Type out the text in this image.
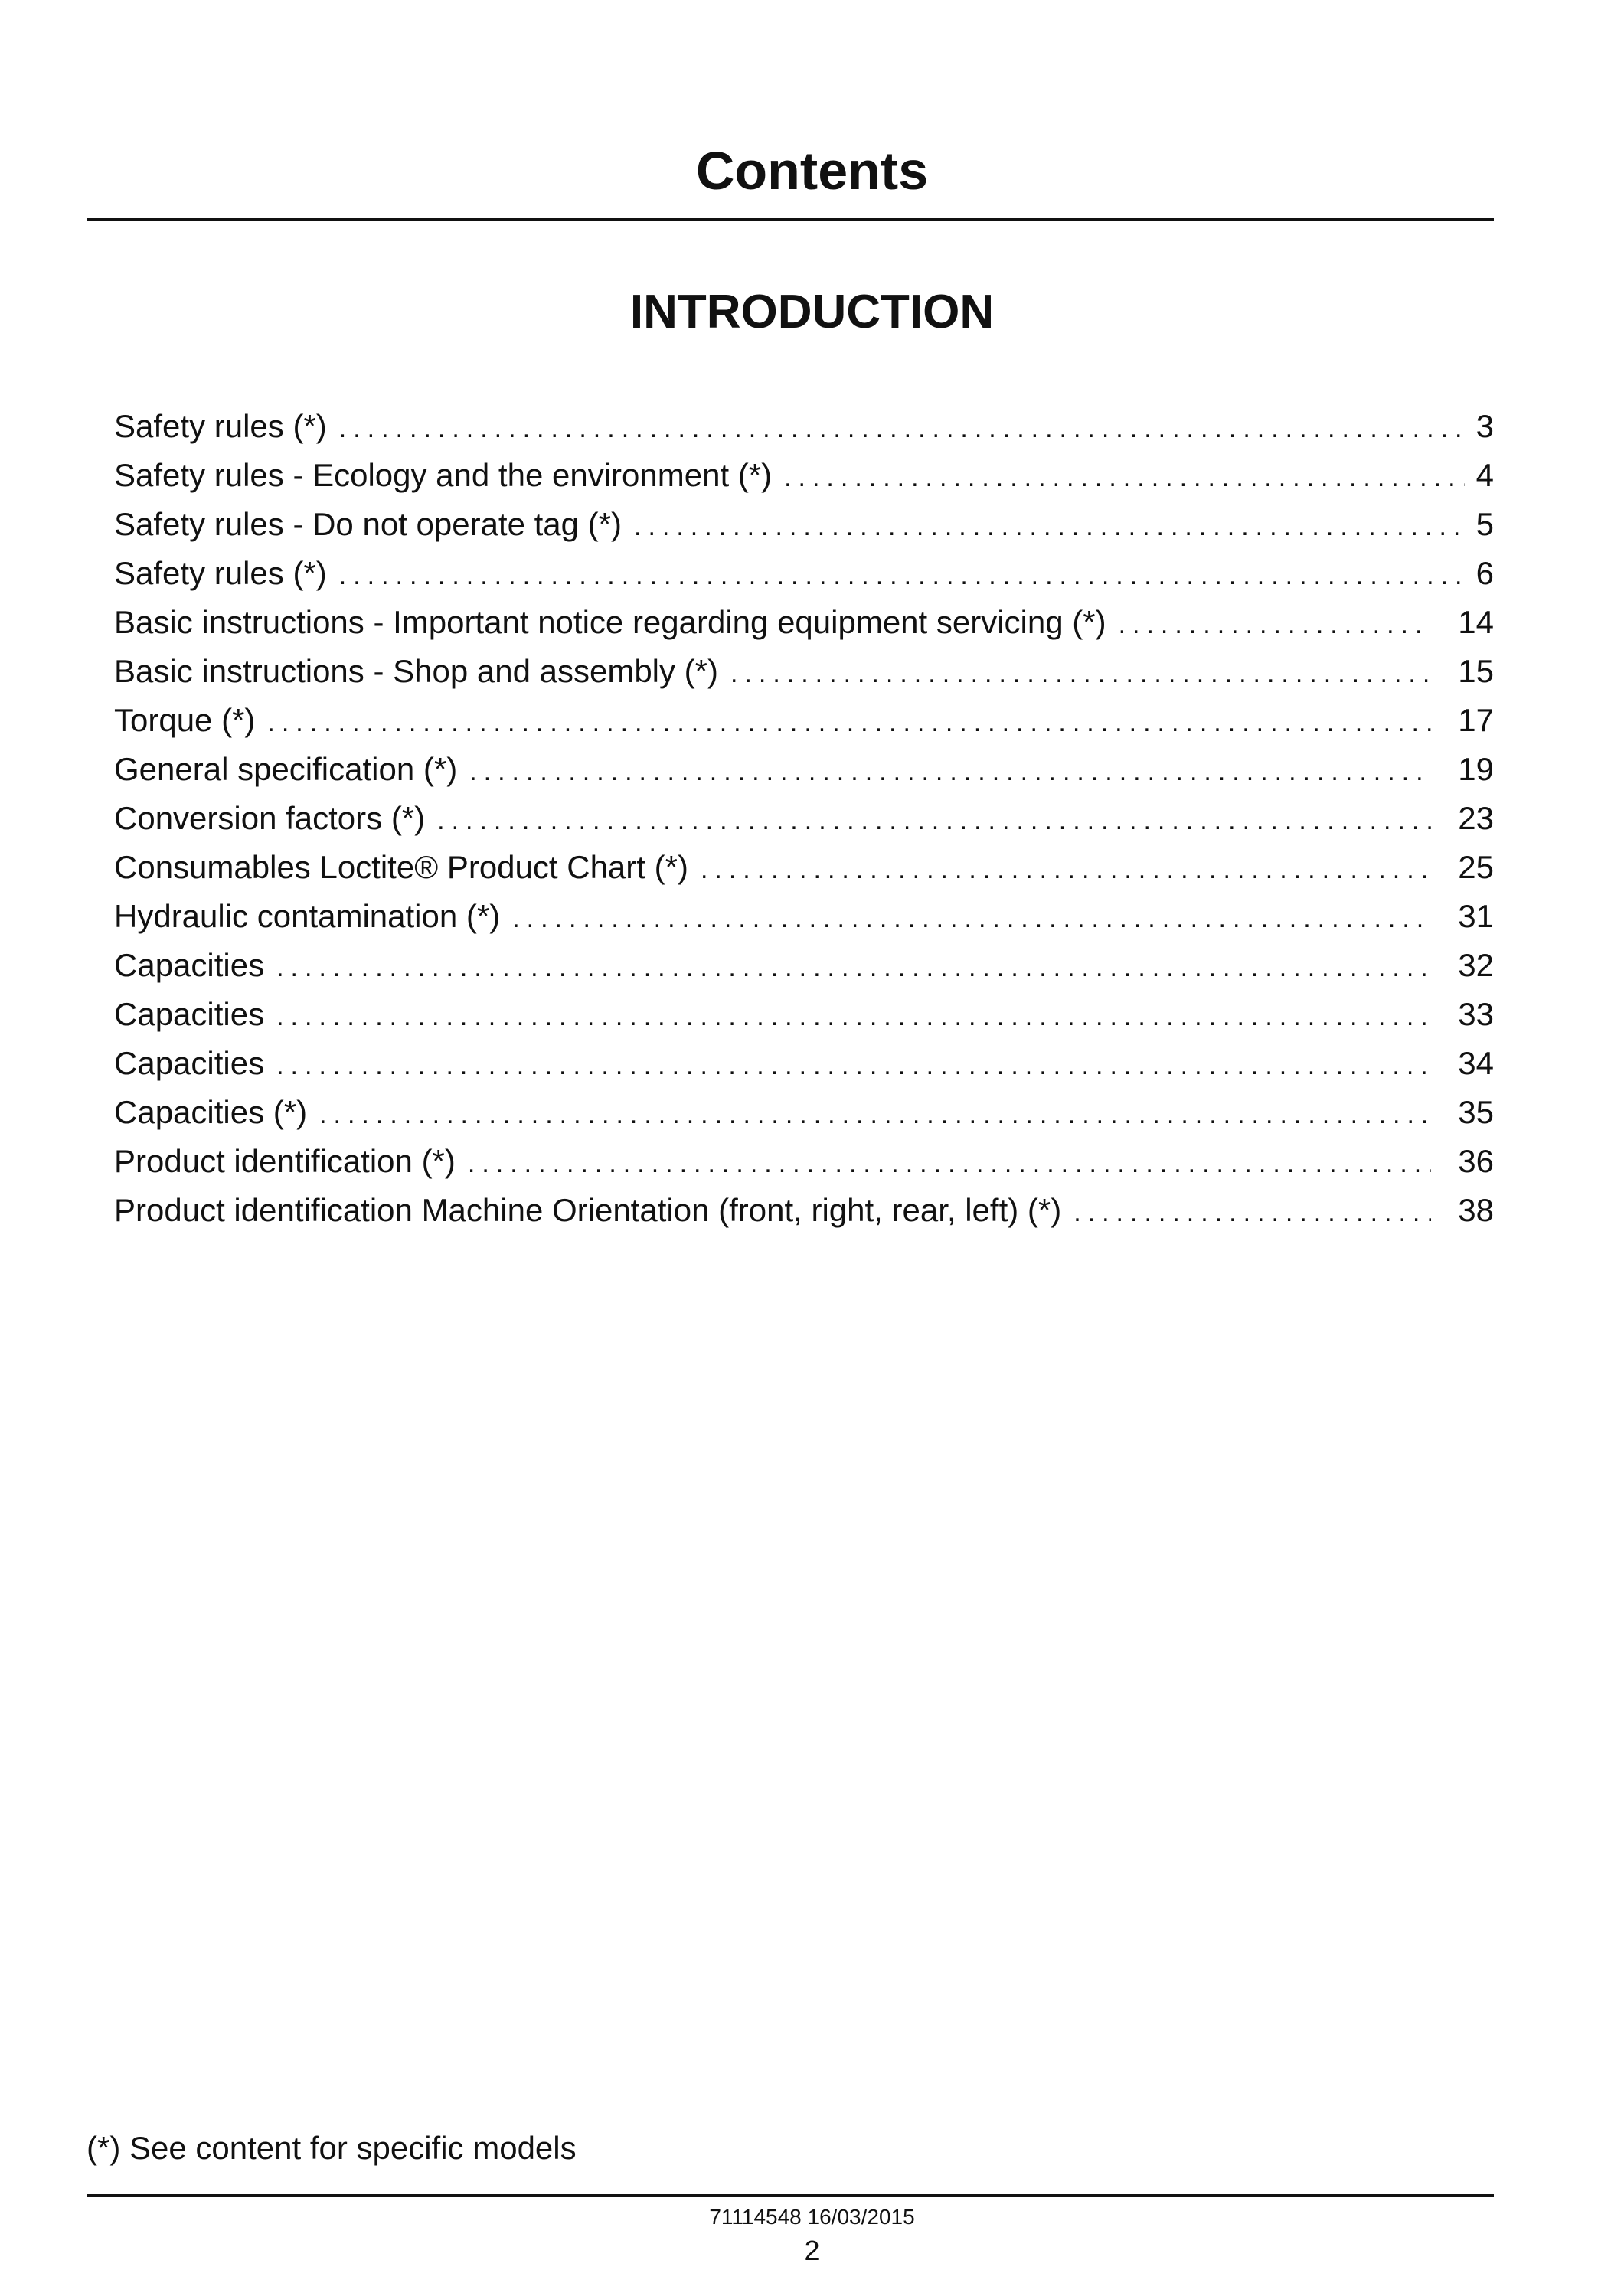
Contents
INTRODUCTION
Safety rules (*) .....	3
Safety rules - Ecology and the environment (*) .....	4
Safety rules - Do not operate tag (*) .....	5
Safety rules (*) .....	6
Basic instructions - Important notice regarding equipment servicing (*) .....	14
Basic instructions - Shop and assembly (*) .....	15
Torque (*) .....	17
General specification (*) .....	19
Conversion factors (*) .....	23
Consumables Loctite® Product Chart (*) .....	25
Hydraulic contamination (*) .....	31
Capacities .....	32
Capacities .....	33
Capacities .....	34
Capacities (*) .....	35
Product identification (*) .....	36
Product identification Machine Orientation (front, right, rear, left) (*) .....	38
(*) See content for specific models
71114548 16/03/2015
2
